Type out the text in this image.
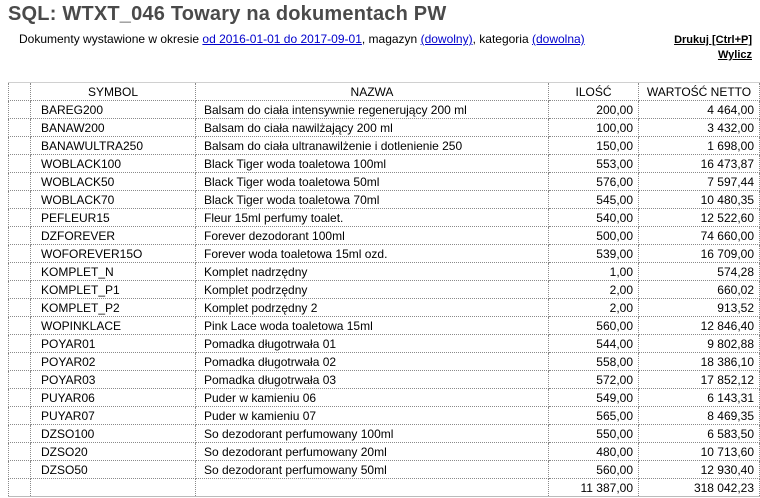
SQL: WTXT_046 Towary na dokumentach PW
Dokumenty wystawione w okresie od 2016-01-01 do 2017-09-01, magazyn (dowolny), kategoria (dowolna)	Drukuj [Ctrl+P]
Wylicz
	SYMBOL	NAZWA	ILOŚĆ	WARTOŚĆ NETTO
	BAREG200	Balsam do ciała intensywnie regenerujący 200 ml	200,00	4 464,00
	BANAW200	Balsam do ciała nawilżający 200 ml	100,00	3 432,00
	BANAWULTRA250	Balsam do ciała ultranawilżenie i dotlenienie 250	150,00	1 698,00
	WOBLACK100	Black Tiger woda toaletowa 100ml	553,00	16 473,87
	WOBLACK50	Black Tiger woda toaletowa 50ml	576,00	7 597,44
	WOBLACK70	Black Tiger woda toaletowa 70ml	545,00	10 480,35
	PEFLEUR15	Fleur 15ml perfumy toalet.	540,00	12 522,60
	DZFOREVER	Forever dezodorant 100ml	500,00	74 660,00
	WOFOREVER15O	Forever woda toaletowa 15ml ozd.	539,00	16 709,00
	KOMPLET_N	Komplet nadrzędny	1,00	574,28
	KOMPLET_P1	Komplet podrzędny	2,00	660,02
	KOMPLET_P2	Komplet podrzędny 2	2,00	913,52
	WOPINKLACE	Pink Lace woda toaletowa 15ml	560,00	12 846,40
	POYAR01	Pomadka długotrwała 01	544,00	9 802,88
	POYAR02	Pomadka długotrwała 02	558,00	18 386,10
	POYAR03	Pomadka długotrwała 03	572,00	17 852,12
	PUYAR06	Puder w kamieniu 06	549,00	6 143,31
	PUYAR07	Puder w kamieniu 07	565,00	8 469,35
	DZSO100	So dezodorant perfumowany 100ml	550,00	6 583,50
	DZSO20	So dezodorant perfumowany 20ml	480,00	10 713,60
	DZSO50	So dezodorant perfumowany 50ml	560,00	12 930,40
			11 387,00	318 042,23
